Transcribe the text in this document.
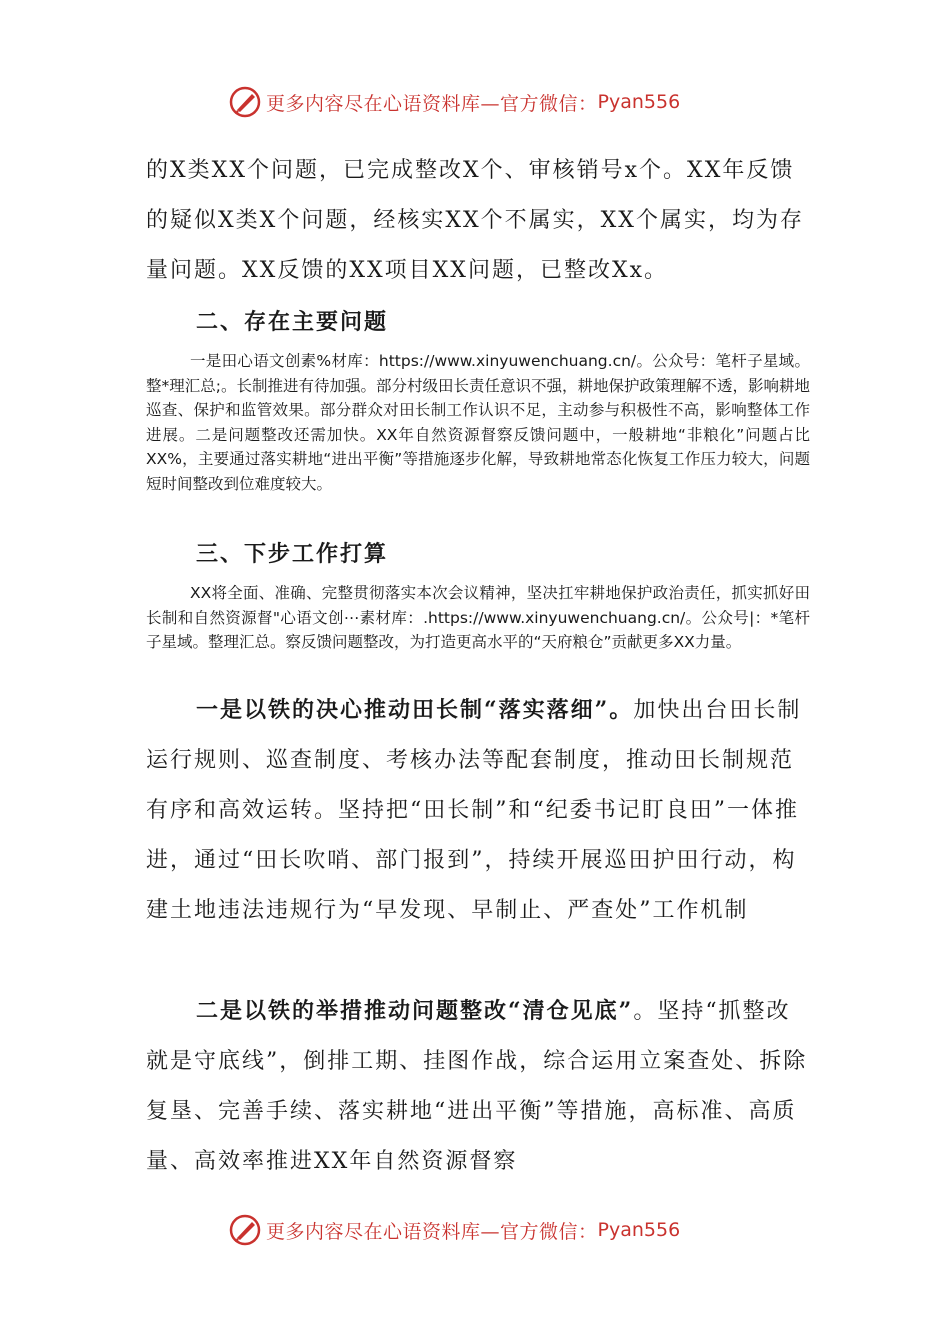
更多内容尽在心语资料库—官方微信： Pyan556

的X类XX个问题，已完成整改X个、审核销号x个。XX年反馈的疑似X类X个问题，经核实XX个不属实，XX个属实，均为存量问题。XX反馈的XX项目XX问题，已整改Xx。

二、存在主要问题

一是田心语文创素%材库：https://www.xinyuwenchuang.cn/。公众号：笔杆子星域。整*理汇总;。长制推进有待加强。部分村级田长责任意识不强，耕地保护政策理解不透，影响耕地巡查、保护和监管效果。部分群众对田长制工作认识不足，主动参与积极性不高，影响整体工作进展。二是问题整改还需加快。XX年自然资源督察反馈问题中，一般耕地“非粮化”问题占比XX%，主要通过落实耕地“进出平衡”等措施逐步化解，导致耕地常态化恢复工作压力较大，问题短时间整改到位难度较大。

三、下步工作打算

XX将全面、准确、完整贯彻落实本次会议精神，坚决扛牢耕地保护政治责任，抓实抓好田长制和自然资源督"心语文创⋯素材库：.https://www.xinyuwenchuang.cn/。公众号|：*笔杆子星域。整理汇总。察反馈问题整改，为打造更高水平的“天府粮仓”贡献更多XX力量。

一是以铁的决心推动田长制“落实落细”。加快出台田长制运行规则、巡查制度、考核办法等配套制度，推动田长制规范有序和高效运转。坚持把“田长制”和“纪委书记盯良田”一体推进，通过“田长吹哨、部门报到”，持续开展巡田护田行动，构建土地违法违规行为“早发现、早制止、严查处”工作机制

二是以铁的举措推动问题整改“清仓见底”。坚持“抓整改就是守底线”，倒排工期、挂图作战，综合运用立案查处、拆除复垦、完善手续、落实耕地“进出平衡”等措施，高标准、高质量、高效率推进XX年自然资源督察

更多内容尽在心语资料库—官方微信： Pyan556
